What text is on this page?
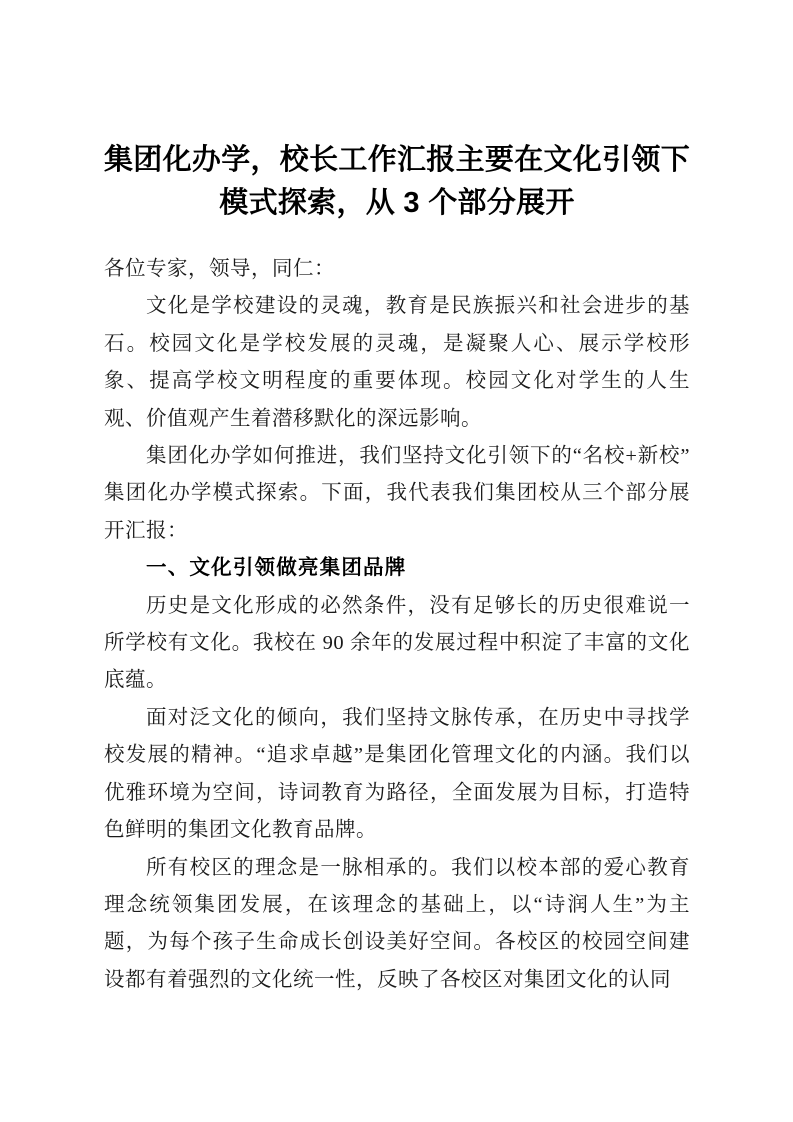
集团化办学，校长工作汇报主要在文化引领下模式探索，从 3 个部分展开

各位专家，领导，同仁：

文化是学校建设的灵魂，教育是民族振兴和社会进步的基石。校园文化是学校发展的灵魂，是凝聚人心、展示学校形象、提高学校文明程度的重要体现。校园文化对学生的人生观、价值观产生着潜移默化的深远影响。

集团化办学如何推进，我们坚持文化引领下的“名校+新校”集团化办学模式探索。下面，我代表我们集团校从三个部分展开汇报：

一、文化引领做亮集团品牌

历史是文化形成的必然条件，没有足够长的历史很难说一所学校有文化。我校在 90 余年的发展过程中积淀了丰富的文化底蕴。

面对泛文化的倾向，我们坚持文脉传承，在历史中寻找学校发展的精神。“追求卓越”是集团化管理文化的内涵。我们以优雅环境为空间，诗词教育为路径，全面发展为目标，打造特色鲜明的集团文化教育品牌。

所有校区的理念是一脉相承的。我们以校本部的爱心教育理念统领集团发展，在该理念的基础上，以“诗润人生”为主题，为每个孩子生命成长创设美好空间。各校区的校园空间建设都有着强烈的文化统一性，反映了各校区对集团文化的认同
